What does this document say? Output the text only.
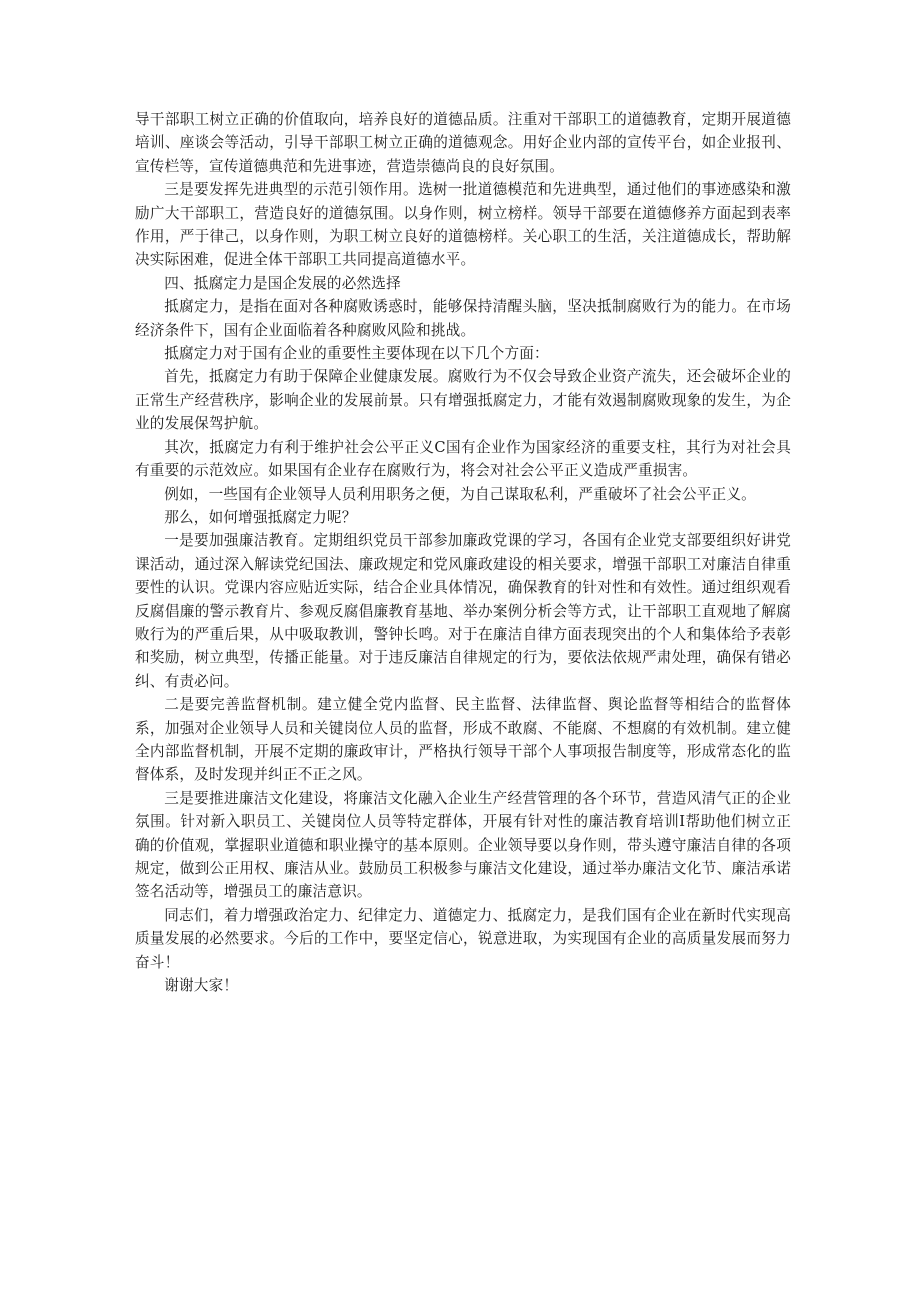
导干部职工树立正确的价值取向，培养良好的道德品质。注重对干部职工的道德教育，定期开展道德培训、座谈会等活动，引导干部职工树立正确的道德观念。用好企业内部的宣传平台，如企业报刊、宣传栏等，宣传道德典范和先进事迹，营造崇德尚良的良好氛围。

三是要发挥先进典型的示范引领作用。选树一批道德模范和先进典型，通过他们的事迹感染和激励广大干部职工，营造良好的道德氛围。以身作则，树立榜样。领导干部要在道德修养方面起到表率作用，严于律己，以身作则，为职工树立良好的道德榜样。关心职工的生活，关注道德成长，帮助解决实际困难，促进全体干部职工共同提高道德水平。

四、抵腐定力是国企发展的必然选择

抵腐定力，是指在面对各种腐败诱惑时，能够保持清醒头脑，坚决抵制腐败行为的能力。在市场经济条件下，国有企业面临着各种腐败风险和挑战。

抵腐定力对于国有企业的重要性主要体现在以下几个方面：

首先，抵腐定力有助于保障企业健康发展。腐败行为不仅会导致企业资产流失，还会破坏企业的正常生产经营秩序，影响企业的发展前景。只有增强抵腐定力，才能有效遏制腐败现象的发生，为企业的发展保驾护航。

其次，抵腐定力有利于维护社会公平正义C国有企业作为国家经济的重要支柱，其行为对社会具有重要的示范效应。如果国有企业存在腐败行为，将会对社会公平正义造成严重损害。

例如，一些国有企业领导人员利用职务之便，为自己谋取私利，严重破坏了社会公平正义。

那么，如何增强抵腐定力呢？

一是要加强廉洁教育。定期组织党员干部参加廉政党课的学习，各国有企业党支部要组织好讲党课活动，通过深入解读党纪国法、廉政规定和党风廉政建设的相关要求，增强干部职工对廉洁自律重要性的认识。党课内容应贴近实际，结合企业具体情况，确保教育的针对性和有效性。通过组织观看反腐倡廉的警示教育片、参观反腐倡廉教育基地、举办案例分析会等方式，让干部职工直观地了解腐败行为的严重后果，从中吸取教训，警钟长鸣。对于在廉洁自律方面表现突出的个人和集体给予表彰和奖励，树立典型，传播正能量。对于违反廉洁自律规定的行为，要依法依规严肃处理，确保有错必纠、有责必问。

二是要完善监督机制。建立健全党内监督、民主监督、法律监督、舆论监督等相结合的监督体系，加强对企业领导人员和关键岗位人员的监督，形成不敢腐、不能腐、不想腐的有效机制。建立健全内部监督机制，开展不定期的廉政审计，严格执行领导干部个人事项报告制度等，形成常态化的监督体系，及时发现并纠正不正之风。

三是要推进廉洁文化建设，将廉洁文化融入企业生产经营管理的各个环节，营造风清气正的企业氛围。针对新入职员工、关键岗位人员等特定群体，开展有针对性的廉洁教育培训I帮助他们树立正确的价值观，掌握职业道德和职业操守的基本原则。企业领导要以身作则，带头遵守廉洁自律的各项规定，做到公正用权、廉洁从业。鼓励员工积极参与廉洁文化建设，通过举办廉洁文化节、廉洁承诺签名活动等，增强员工的廉洁意识。

同志们，着力增强政治定力、纪律定力、道德定力、抵腐定力，是我们国有企业在新时代实现高质量发展的必然要求。今后的工作中，要坚定信心，锐意进取，为实现国有企业的高质量发展而努力奋斗！

谢谢大家！
